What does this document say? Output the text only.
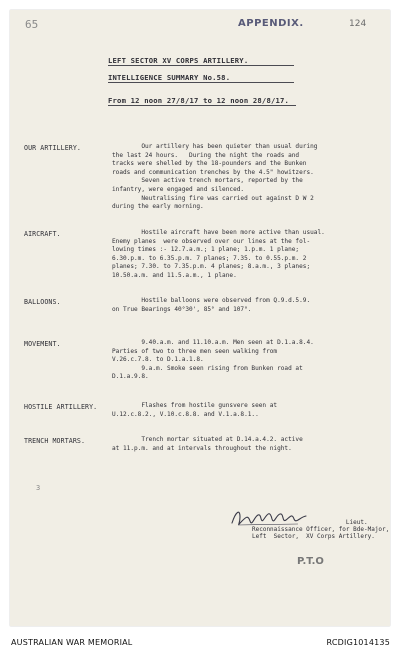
65	APPENDIX.	124
LEFT SECTOR XV CORPS ARTILLERY.
INTELLIGENCE SUMMARY No.58.
From 12 noon 27/8/17 to 12 noon 28/8/17.
OUR ARTILLERY.	Our artillery has been quieter than usual during
the last 24 hours.   During the night the roads and
tracks were shelled by the 18-pounders and the Bunken
roads and communication trenches by the 4.5" howitzers.
Seven active trench mortars, reported by the
infantry, were engaged and silenced.
Neutralising fire was carried out against D W 2
during the early morning.
AIRCRAFT.	Hostile aircraft have been more active than usual.
Enemy planes  were observed over our lines at the fol-
lowing times :- 12.7.a.m.; 1 plane; 1.p.m. 1 plane;
6.30.p.m. to 6.35.p.m. 7 planes; 7.35. to 0.55.p.m. 2
planes; 7.30. to 7.35.p.m. 4 planes; 8.a.m., 3 planes;
10.50.a.m. and 11.5.a.m., 1 plane.
BALLOONS.	Hostile balloons were observed from Q.9.d.5.9.
on True Bearings 40°30', 85° and 107°.
MOVEMENT.	9.40.a.m. and 11.10.a.m. Men seen at D.1.a.8.4.
Parties of two to three men seen walking from
V.26.c.7.8. to D.1.a.1.8.
9.a.m. Smoke seen rising from Bunken road at
D.1.a.9.8.
HOSTILE ARTILLERY.	Flashes from hostile gunsvere seen at
U.12.c.8.2., V.10.c.8.8. and V.1.a.8.1..
TRENCH MORTARS.	Trench mortar situated at D.14.a.4.2. active
at 11.p.m. and at intervals throughout the night.
3
Lieut.
Reconnaissance Officer, for Bde-Major,
Left  Sector,  XV Corps Artillery.
P.T.O
AUSTRALIAN WAR MEMORIAL	RCDIG1014135
